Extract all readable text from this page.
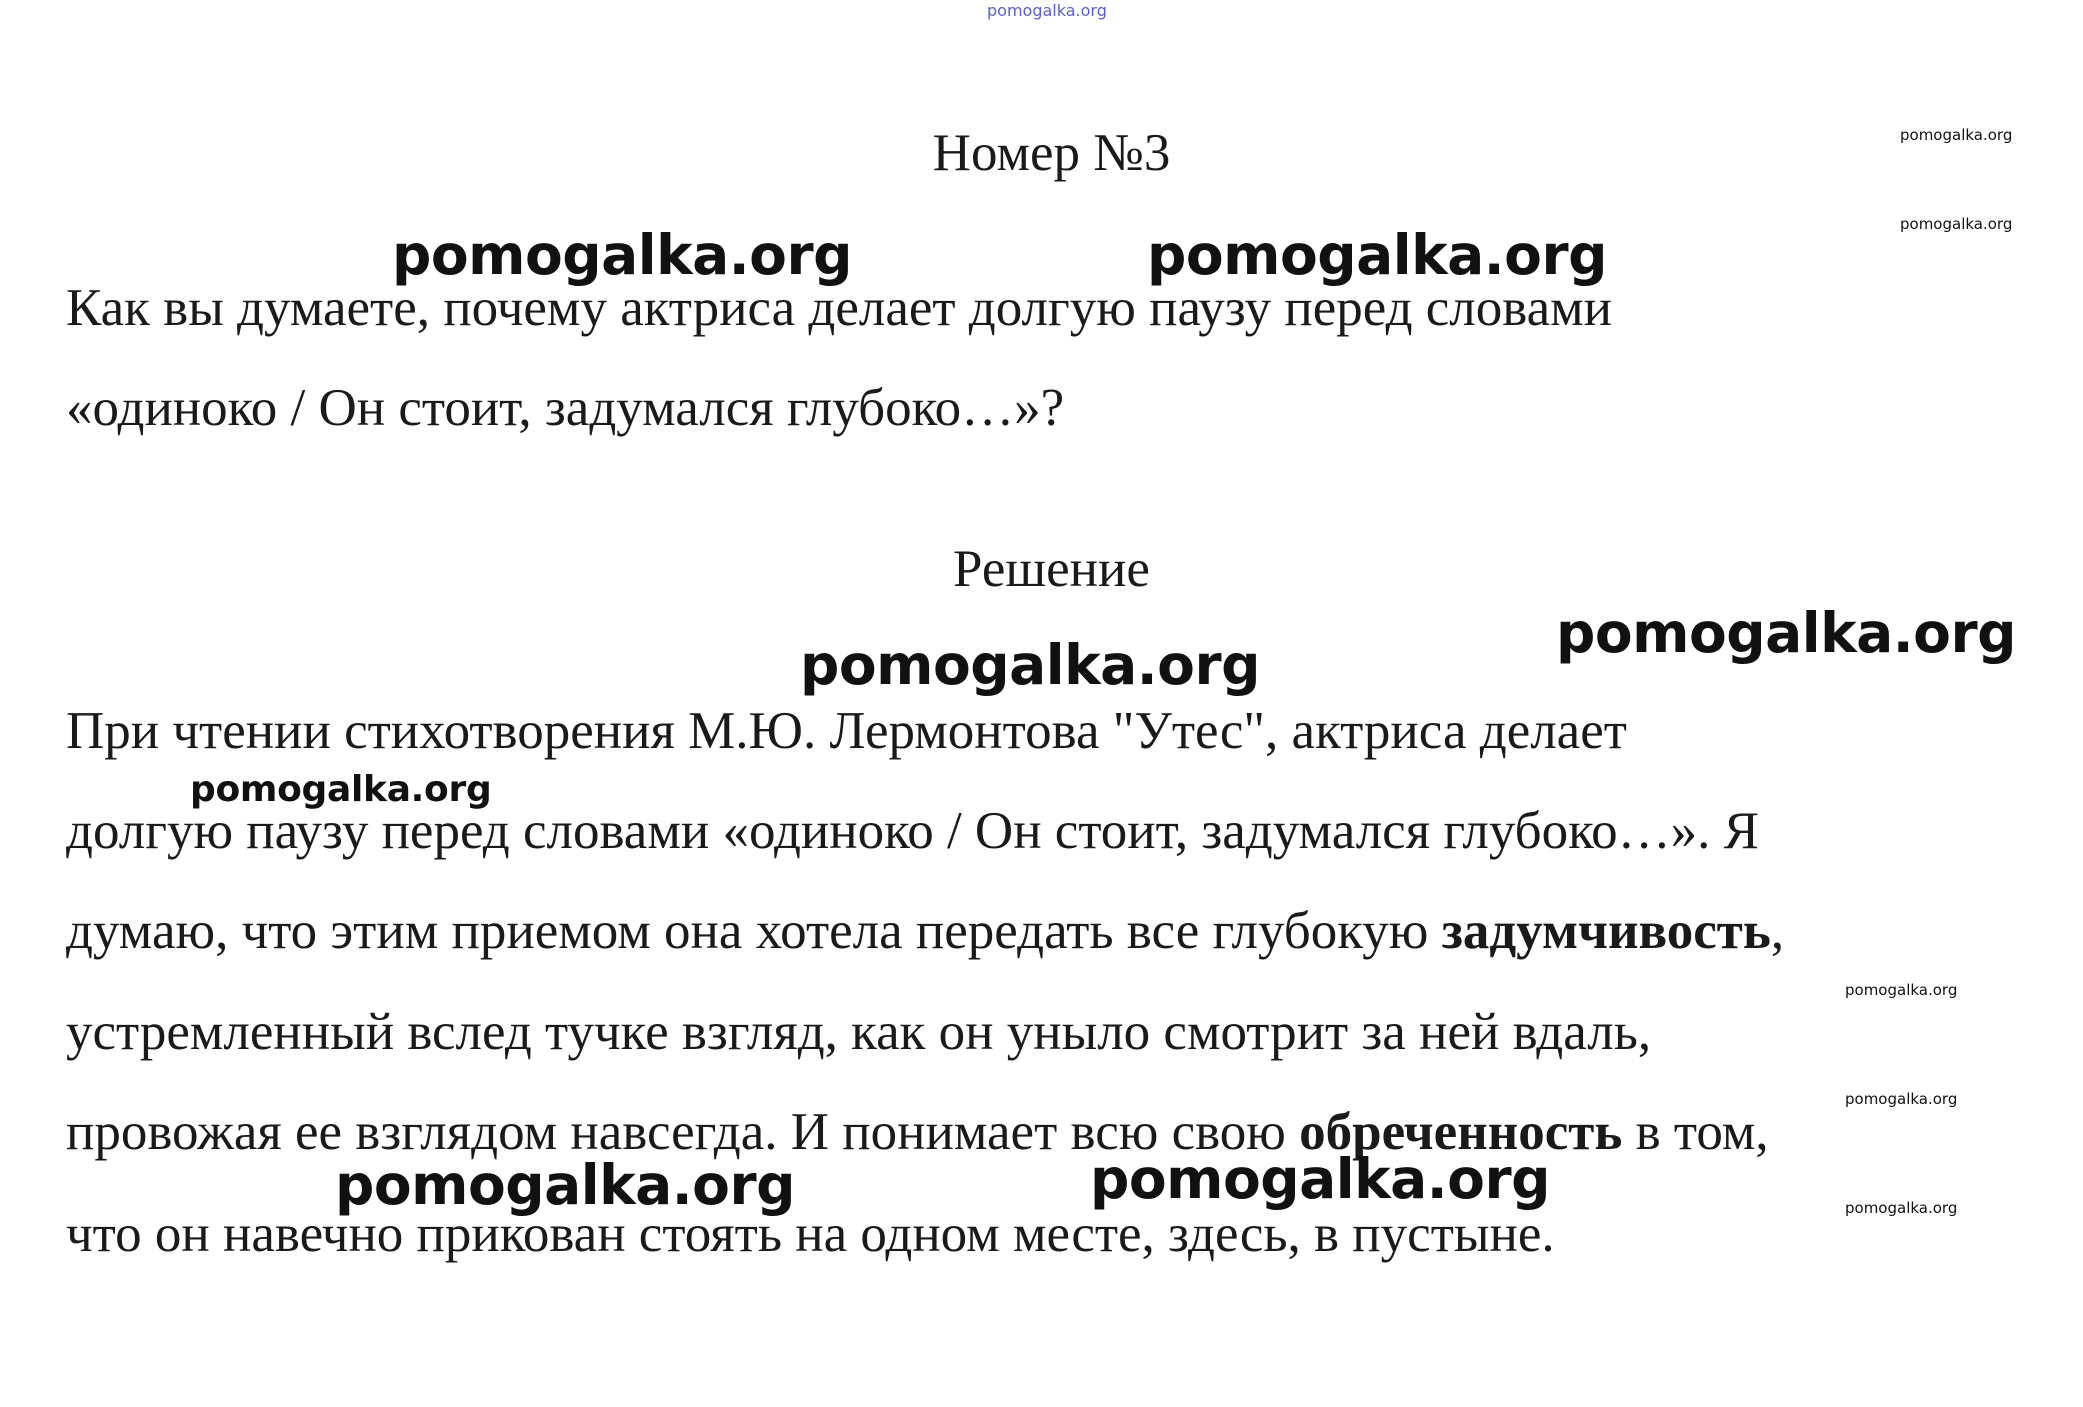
pomogalka.org
Номер №3	pomogalka.org
pomogalka.org
Как вы думаете, почему актриса делает долгую паузу перед словами
«одиноко / Он стоит, задумался глубоко…»?
pomogalka.org	pomogalka.org
Решение
pomogalka.org
pomogalka.org
При чтении стихотворения М.Ю. Лермонтова "Утес", актриса делает
pomogalka.org
долгую паузу перед словами «одиноко / Он стоит, задумался глубоко…». Я
думаю, что этим приемом она хотела передать все глубокую задумчивость,
pomogalka.org
устремленный вслед тучке взгляд, как он уныло смотрит за ней вдаль,
pomogalka.org
провожая ее взглядом навсегда. И понимает всю свою обреченность в том,
pomogalka.org	pomogalka.org	pomogalka.org
что он навечно прикован стоять на одном месте, здесь, в пустыне.
